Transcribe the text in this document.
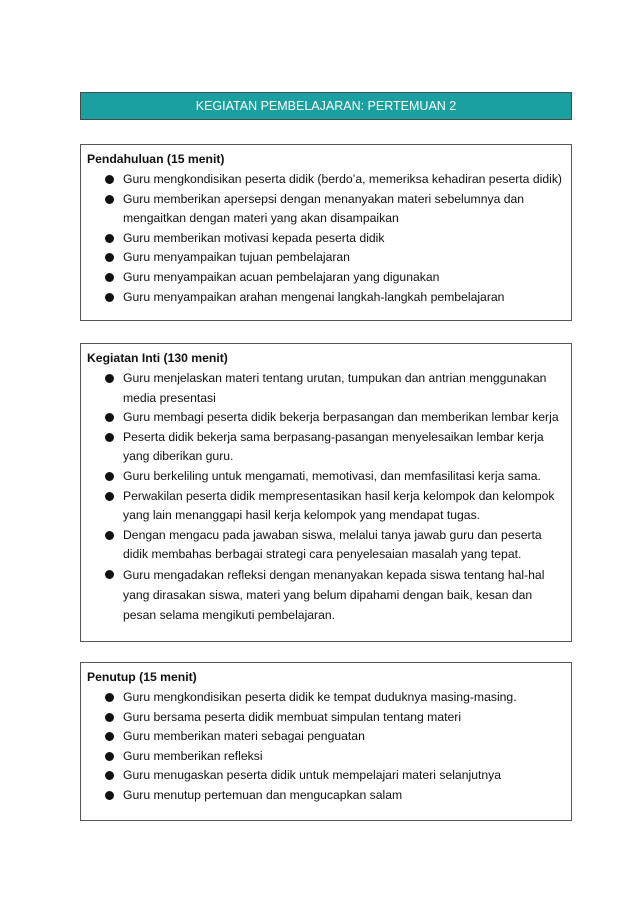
KEGIATAN PEMBELAJARAN: PERTEMUAN 2
Pendahuluan (15 menit)
Guru mengkondisikan peserta didik (berdo’a, memeriksa kehadiran peserta didik)
Guru memberikan apersepsi dengan menanyakan materi sebelumnya dan mengaitkan dengan materi yang akan disampaikan
Guru memberikan motivasi kepada peserta didik
Guru menyampaikan tujuan pembelajaran
Guru menyampaikan acuan pembelajaran yang digunakan
Guru menyampaikan arahan mengenai langkah-langkah pembelajaran
Kegiatan Inti (130 menit)
Guru menjelaskan materi tentang urutan, tumpukan dan antrian menggunakan media presentasi
Guru membagi peserta didik bekerja berpasangan dan memberikan lembar kerja
Peserta didik bekerja sama berpasang-pasangan menyelesaikan lembar kerja yang diberikan guru.
Guru berkeliling untuk mengamati, memotivasi, dan memfasilitasi kerja sama.
Perwakilan peserta didik mempresentasikan hasil kerja kelompok dan kelompok yang lain menanggapi hasil kerja kelompok yang mendapat tugas.
Dengan mengacu pada jawaban siswa, melalui tanya jawab guru dan peserta didik membahas berbagai strategi cara penyelesaian masalah yang tepat.
Guru mengadakan refleksi dengan menanyakan kepada siswa tentang hal-hal yang dirasakan siswa, materi yang belum dipahami dengan baik, kesan dan pesan selama mengikuti pembelajaran.
Penutup (15 menit)
Guru mengkondisikan peserta didik ke tempat duduknya masing-masing.
Guru bersama peserta didik membuat simpulan tentang materi
Guru memberikan materi sebagai penguatan
Guru memberikan refleksi
Guru menugaskan peserta didik untuk mempelajari materi selanjutnya
Guru menutup pertemuan dan mengucapkan salam
